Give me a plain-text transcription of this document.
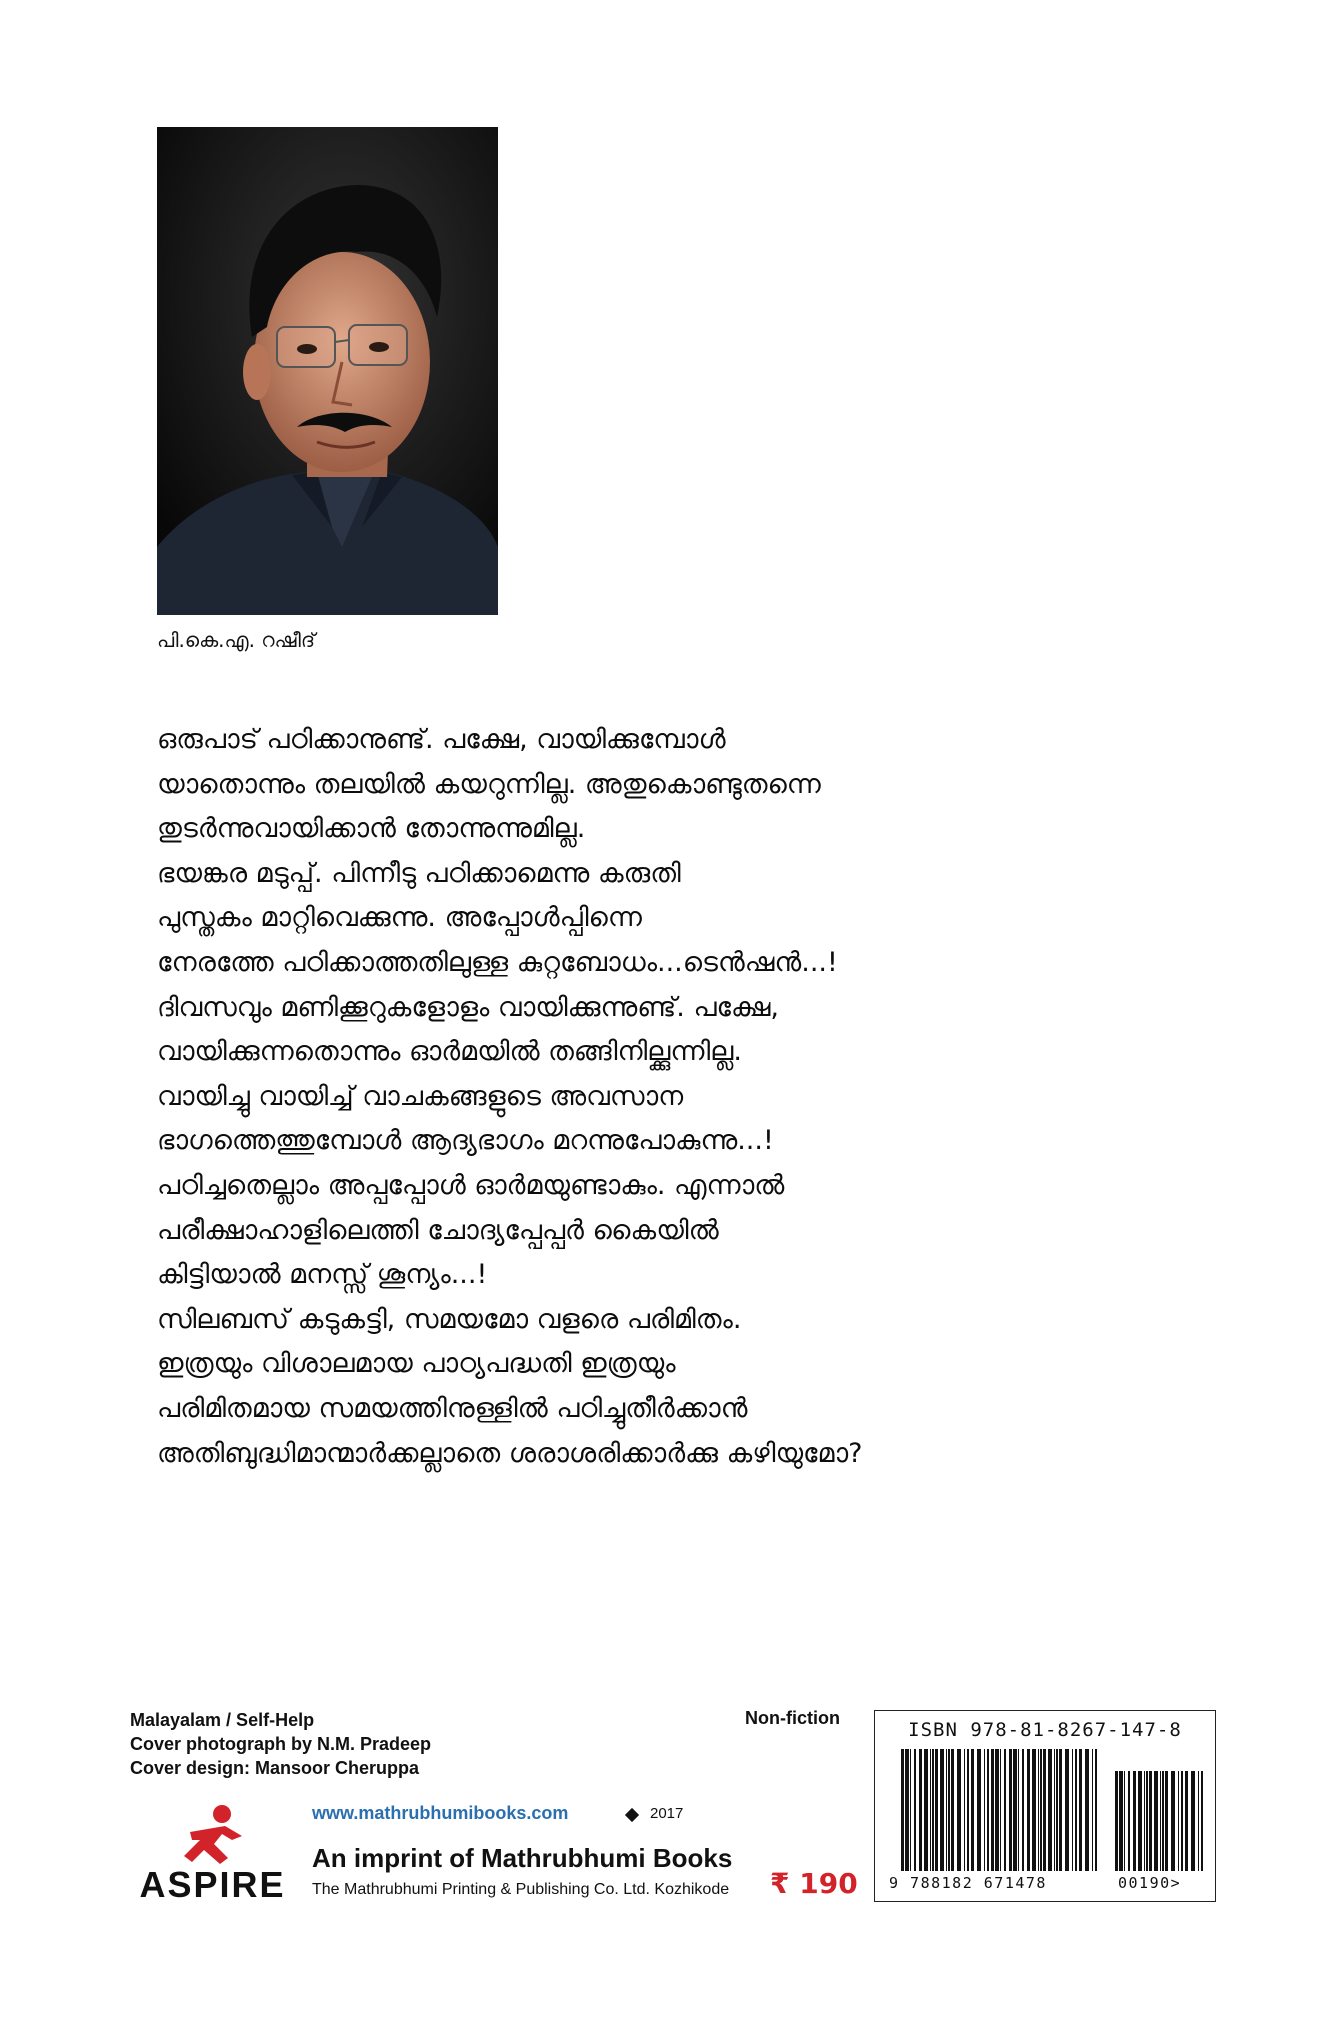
പി.കെ.എ. റഷീദ്
ഒരുപാട് പഠിക്കാനുണ്ട്. പക്ഷേ, വായിക്കുമ്പോൾ
യാതൊന്നും തലയിൽ കയറുന്നില്ല. അതുകൊണ്ടുതന്നെ
തുടർന്നുവായിക്കാൻ തോന്നുന്നുമില്ല.
ഭയങ്കര മടുപ്പ്. പിന്നീടു പഠിക്കാമെന്നു കരുതി
പുസ്തകം മാറ്റിവെക്കുന്നു. അപ്പോൾപ്പിന്നെ
നേരത്തേ പഠിക്കാത്തതിലുള്ള കുറ്റബോധം...ടെൻഷൻ...!
ദിവസവും മണിക്കൂറുകളോളം വായിക്കുന്നുണ്ട്. പക്ഷേ,
വായിക്കുന്നതൊന്നും ഓർമയിൽ തങ്ങിനില്ക്കുന്നില്ല.
വായിച്ചു വായിച്ച് വാചകങ്ങളുടെ അവസാന
ഭാഗത്തെത്തുമ്പോൾ ആദ്യഭാഗം മറന്നുപോകുന്നു...!
പഠിച്ചതെല്ലാം അപ്പപ്പോൾ ഓർമയുണ്ടാകും. എന്നാൽ
പരീക്ഷാഹാളിലെത്തി ചോദ്യപ്പേപ്പർ കൈയിൽ
കിട്ടിയാൽ മനസ്സ് ശൂന്യം...!
സിലബസ് കടുകട്ടി, സമയമോ വളരെ പരിമിതം.
ഇത്രയും വിശാലമായ പാഠ്യപദ്ധതി ഇത്രയും
പരിമിതമായ സമയത്തിനുള്ളിൽ പഠിച്ചുതീർക്കാൻ
അതിബുദ്ധിമാന്മാർക്കല്ലാതെ ശരാശരിക്കാർക്കു കഴിയുമോ?
Malayalam / Self-Help
Cover photograph by N.M. Pradeep
Cover design: Mansoor Cheruppa
Non-fiction
ASPIRE
www.mathrubhumibooks.com	2017
An imprint of Mathrubhumi Books
The Mathrubhumi Printing & Publishing Co. Ltd. Kozhikode ₹ 190
ISBN 978-81-8267-147-8
9 788182 671478	00190>
